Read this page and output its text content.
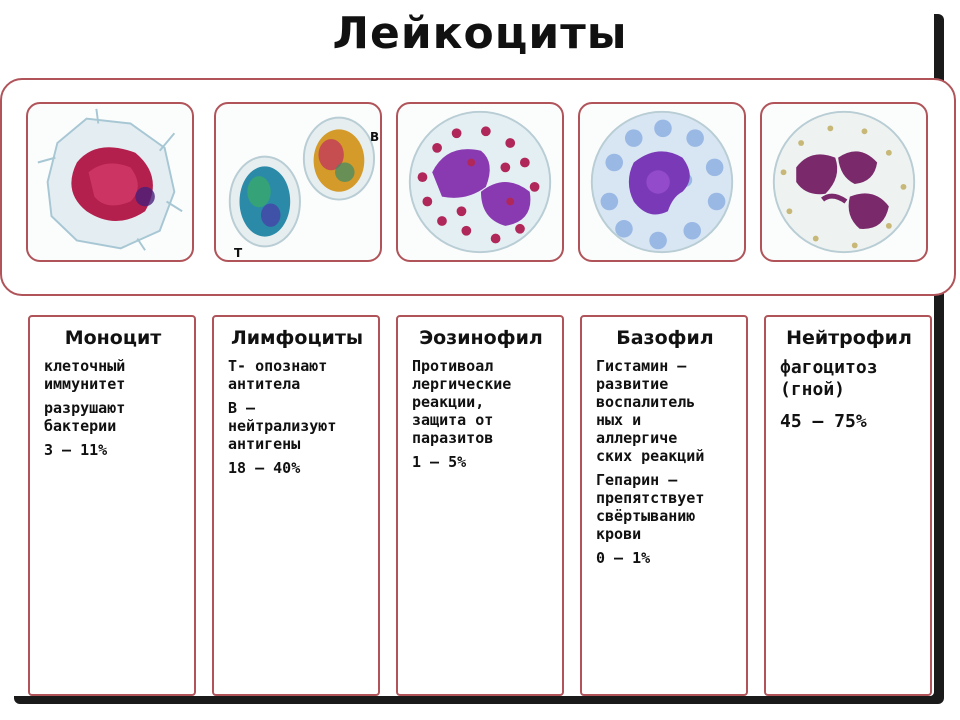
Лейкоциты
В
Т
Моноцит

клеточный
иммунитет

разрушают
бактерии

3 – 11%

Лимфоциты

Т- опознают
антитела

В –
нейтрализуют
антигены

18 – 40%

Эозинофил

Противоал
лергические
реакции,
защита от
паразитов

1 – 5%

Базофил

Гистамин –
развитие
воспалитель
ных и
аллергиче
ских реакций

Гепарин –
препятствует
свёртыванию
крови

0 – 1%

Нейтрофил

фагоцитоз
(гной)

45 – 75%
